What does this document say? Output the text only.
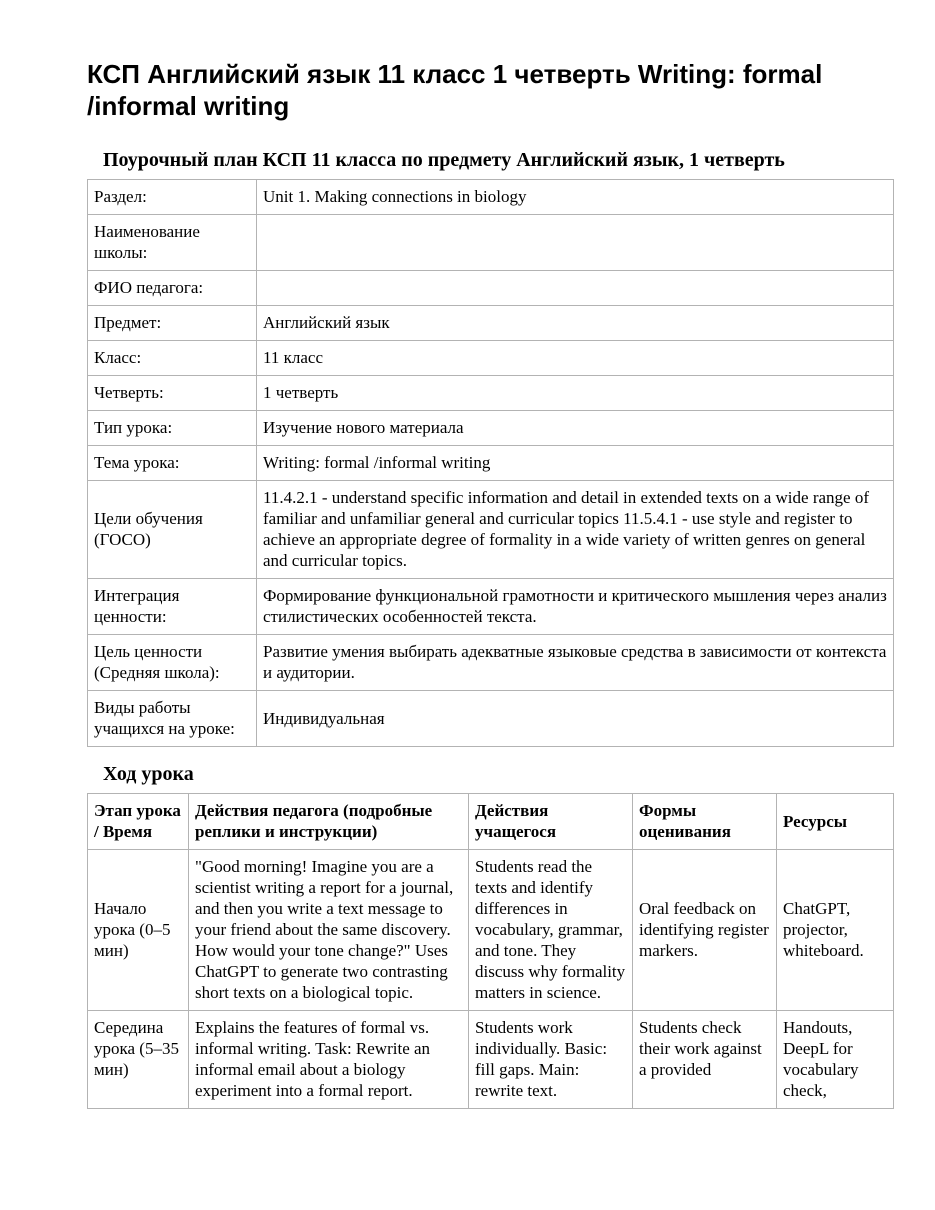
КСП Английский язык 11 класс 1 четверть Writing: formal /informal writing
Поурочный план КСП 11 класса по предмету Английский язык, 1 четверть
Раздел:	Unit 1. Making connections in biology
Наименование школы:	
ФИО педагога:	
Предмет:	Английский язык
Класс:	11 класс
Четверть:	1 четверть
Тип урока:	Изучение нового материала
Тема урока:	Writing: formal /informal writing
Цели обучения (ГОСО)	11.4.2.1 - understand specific information and detail in extended texts on a wide range of familiar and unfamiliar general and curricular topics 11.5.4.1 - use style and register to achieve an appropriate degree of formality in a wide variety of written genres on general and curricular topics.
Интеграция ценности:	Формирование функциональной грамотности и критического мышления через анализ стилистических особенностей текста.
Цель ценности (Средняя школа):	Развитие умения выбирать адекватные языковые средства в зависимости от контекста и аудитории.
Виды работы учащихся на уроке:	Индивидуальная
Ход урока
Этап урока / Время	Действия педагога (подробные реплики и инструкции)	Действия учащегося	Формы оценивания	Ресурсы
Начало урока (0–5 мин)	"Good morning! Imagine you are a scientist writing a report for a journal, and then you write a text message to your friend about the same discovery. How would your tone change?" Uses ChatGPT to generate two contrasting short texts on a biological topic.	Students read the texts and identify differences in vocabulary, grammar, and tone. They discuss why formality matters in science.	Oral feedback on identifying register markers.	ChatGPT, projector, whiteboard.
Середина урока (5–35 мин)	Explains the features of formal vs. informal writing. Task: Rewrite an informal email about a biology experiment into a formal report.	Students work individually. Basic: fill gaps. Main: rewrite text.	Students check their work against a provided	Handouts, DeepL for vocabulary check,
